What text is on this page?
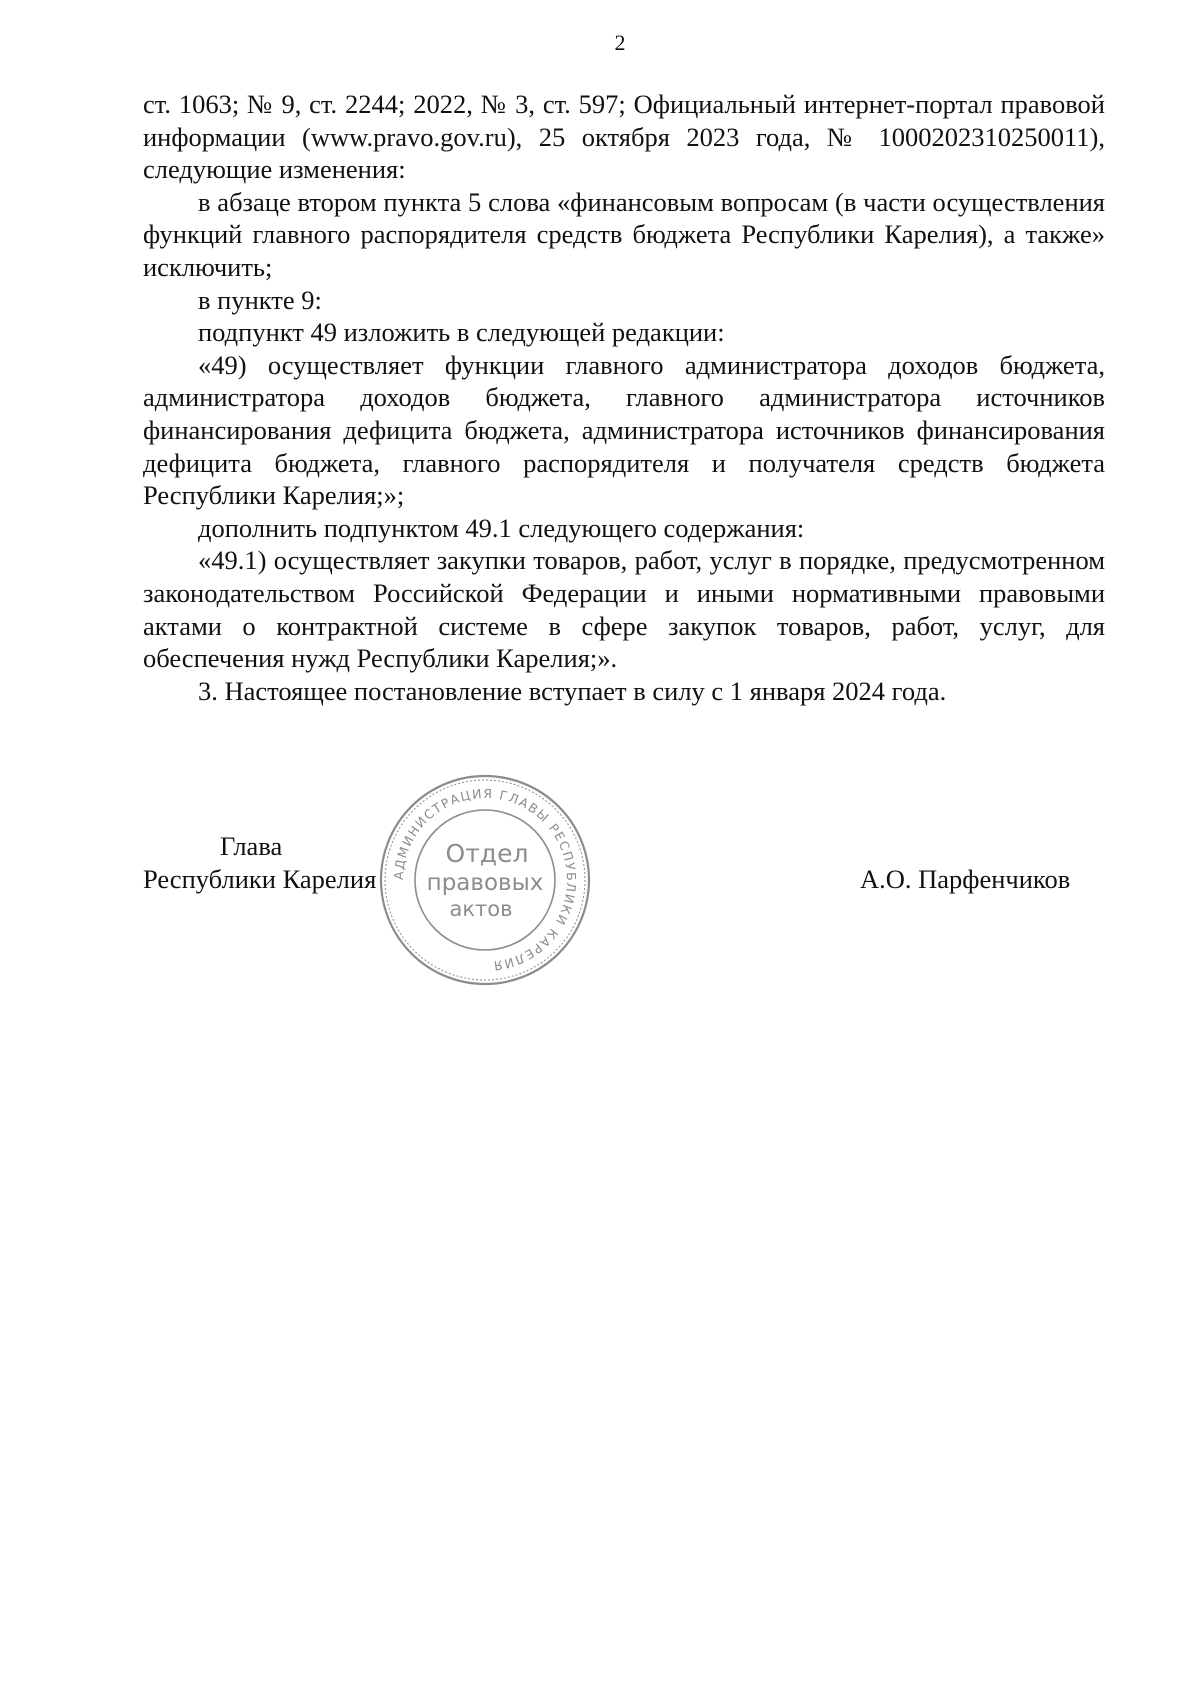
2

ст. 1063; № 9, ст. 2244; 2022, № 3, ст. 597; Официальный интернет-портал правовой информации (www.pravo.gov.ru), 25 октября 2023 года, № 1000202310250011), следующие изменения:

в абзаце втором пункта 5 слова «финансовым вопросам (в части осуществления функций главного распорядителя средств бюджета Республики Карелия), а также» исключить;

в пункте 9:

подпункт 49 изложить в следующей редакции:

«49) осуществляет функции главного администратора доходов бюджета, администратора доходов бюджета, главного администратора источников финансирования дефицита бюджета, администратора источников финансирования дефицита бюджета, главного распорядителя и получателя средств бюджета Республики Карелия;»;

дополнить подпунктом 49.1 следующего содержания:

«49.1) осуществляет закупки товаров, работ, услуг в порядке, предусмотренном законодательством Российской Федерации и иными нормативными правовыми актами о контрактной системе в сфере закупок товаров, работ, услуг, для обеспечения нужд Республики Карелия;».

3. Настоящее постановление вступает в силу с 1 января 2024 года.

Глава
Республики Карелия	А.О. Парфенчиков
АДМИНИСТРАЦИЯ ГЛАВЫ РЕСПУБЛИКИ КАРЕЛИЯ
Отдел
правовых
актов
